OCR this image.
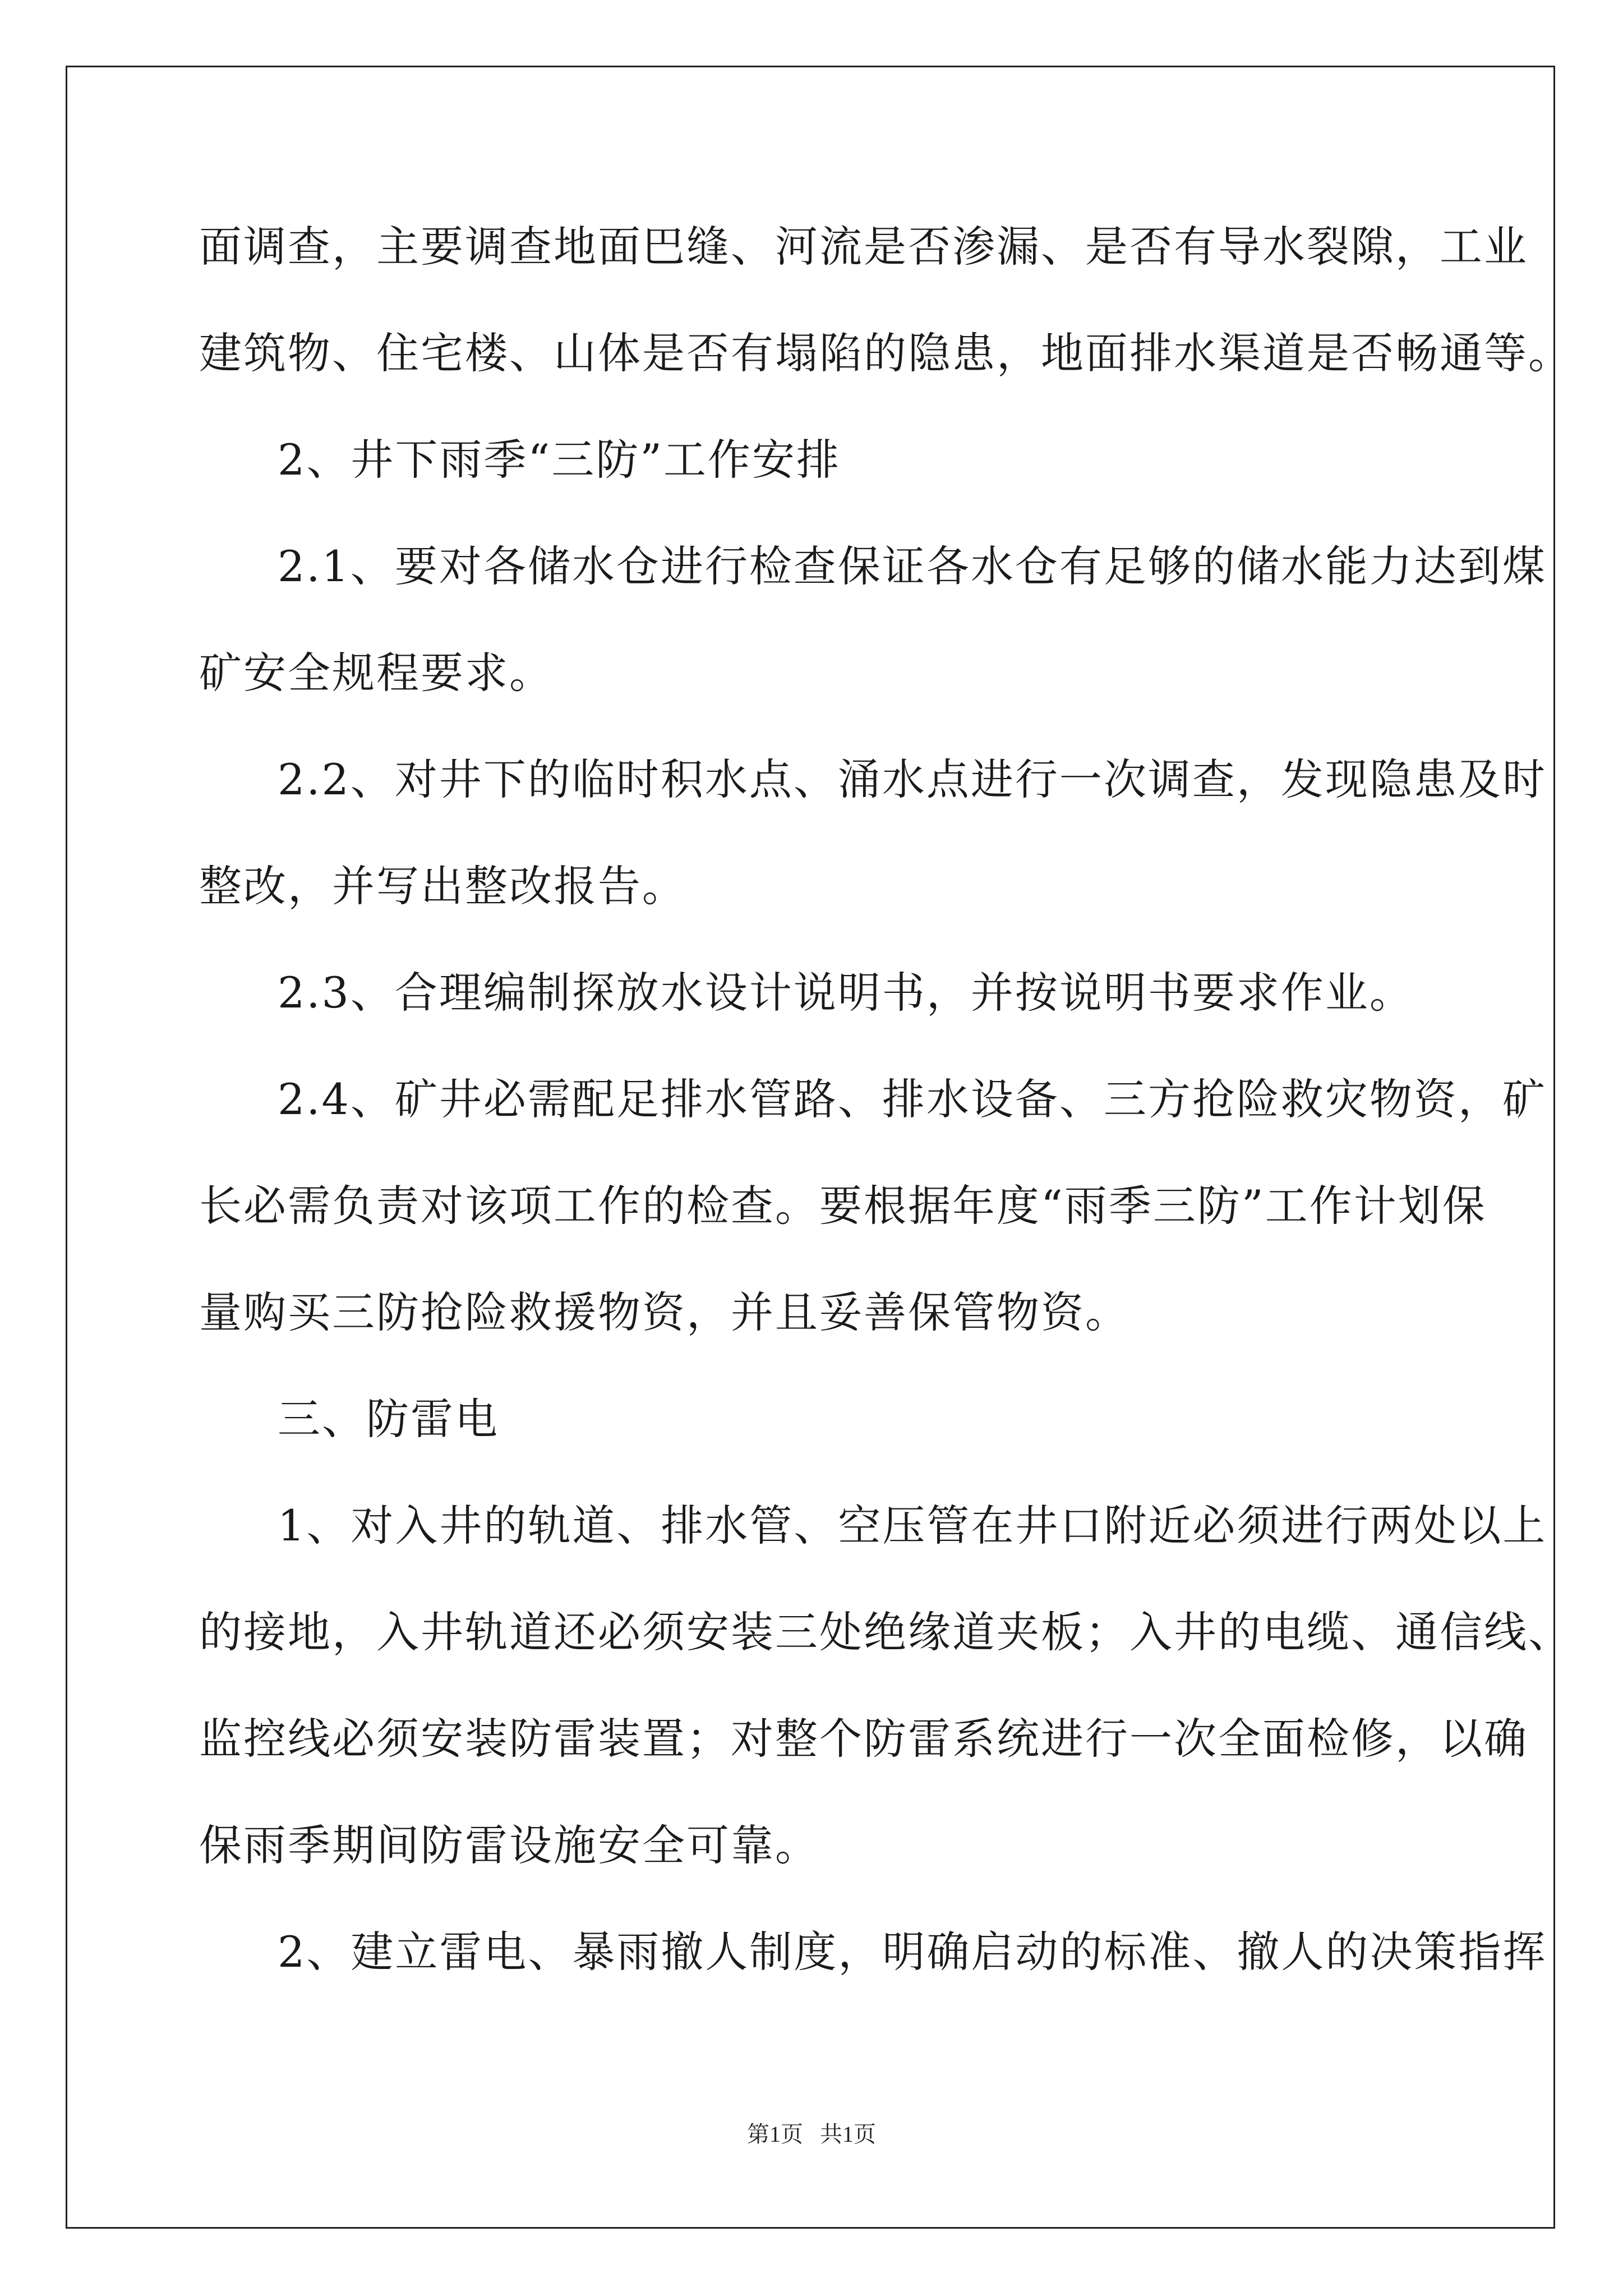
面调查，主要调查地面巴缝、河流是否渗漏、是否有导水裂隙，工业
建筑物、住宅楼、山体是否有塌陷的隐患，地面排水渠道是否畅通等。
2、井下雨季“三防”工作安排
2.1、要对各储水仓进行检查保证各水仓有足够的储水能力达到煤
矿安全规程要求。
2.2、对井下的临时积水点、涌水点进行一次调查，发现隐患及时
整改，并写出整改报告。
2.3、合理编制探放水设计说明书，并按说明书要求作业。
2.4、矿井必需配足排水管路、排水设备、三方抢险救灾物资，矿
长必需负责对该项工作的检查。要根据年度“雨季三防”工作计划保
量购买三防抢险救援物资，并且妥善保管物资。
三、防雷电
1、对入井的轨道、排水管、空压管在井口附近必须进行两处以上
的接地，入井轨道还必须安装三处绝缘道夹板；入井的电缆、通信线、
监控线必须安装防雷装置；对整个防雷系统进行一次全面检修，以确
保雨季期间防雷设施安全可靠。
2、建立雷电、暴雨撤人制度，明确启动的标准、撤人的决策指挥
第1页   共1页
